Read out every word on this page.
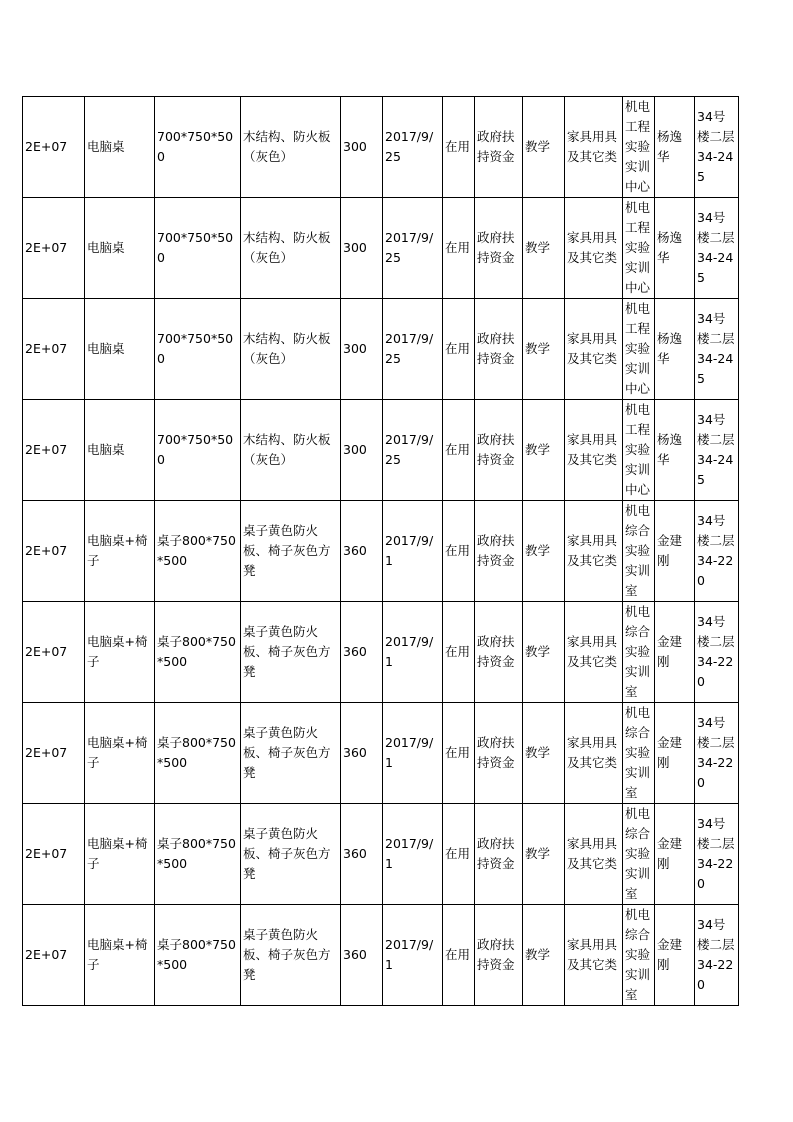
2E+07	电脑桌	700*750*500	木结构、防火板（灰色）	300	2017/9/25	在用	政府扶持资金	教学	家具用具及其它类	机电工程实验实训中心	杨逸华	34号楼二层34-245
2E+07	电脑桌	700*750*500	木结构、防火板（灰色）	300	2017/9/25	在用	政府扶持资金	教学	家具用具及其它类	机电工程实验实训中心	杨逸华	34号楼二层34-245
2E+07	电脑桌	700*750*500	木结构、防火板（灰色）	300	2017/9/25	在用	政府扶持资金	教学	家具用具及其它类	机电工程实验实训中心	杨逸华	34号楼二层34-245
2E+07	电脑桌	700*750*500	木结构、防火板（灰色）	300	2017/9/25	在用	政府扶持资金	教学	家具用具及其它类	机电工程实验实训中心	杨逸华	34号楼二层34-245
2E+07	电脑桌+椅子	桌子800*750*500	桌子黄色防火板、椅子灰色方凳	360	2017/9/1	在用	政府扶持资金	教学	家具用具及其它类	机电综合实验实训室	金建刚	34号楼二层34-220
2E+07	电脑桌+椅子	桌子800*750*500	桌子黄色防火板、椅子灰色方凳	360	2017/9/1	在用	政府扶持资金	教学	家具用具及其它类	机电综合实验实训室	金建刚	34号楼二层34-220
2E+07	电脑桌+椅子	桌子800*750*500	桌子黄色防火板、椅子灰色方凳	360	2017/9/1	在用	政府扶持资金	教学	家具用具及其它类	机电综合实验实训室	金建刚	34号楼二层34-220
2E+07	电脑桌+椅子	桌子800*750*500	桌子黄色防火板、椅子灰色方凳	360	2017/9/1	在用	政府扶持资金	教学	家具用具及其它类	机电综合实验实训室	金建刚	34号楼二层34-220
2E+07	电脑桌+椅子	桌子800*750*500	桌子黄色防火板、椅子灰色方凳	360	2017/9/1	在用	政府扶持资金	教学	家具用具及其它类	机电综合实验实训室	金建刚	34号楼二层34-220
